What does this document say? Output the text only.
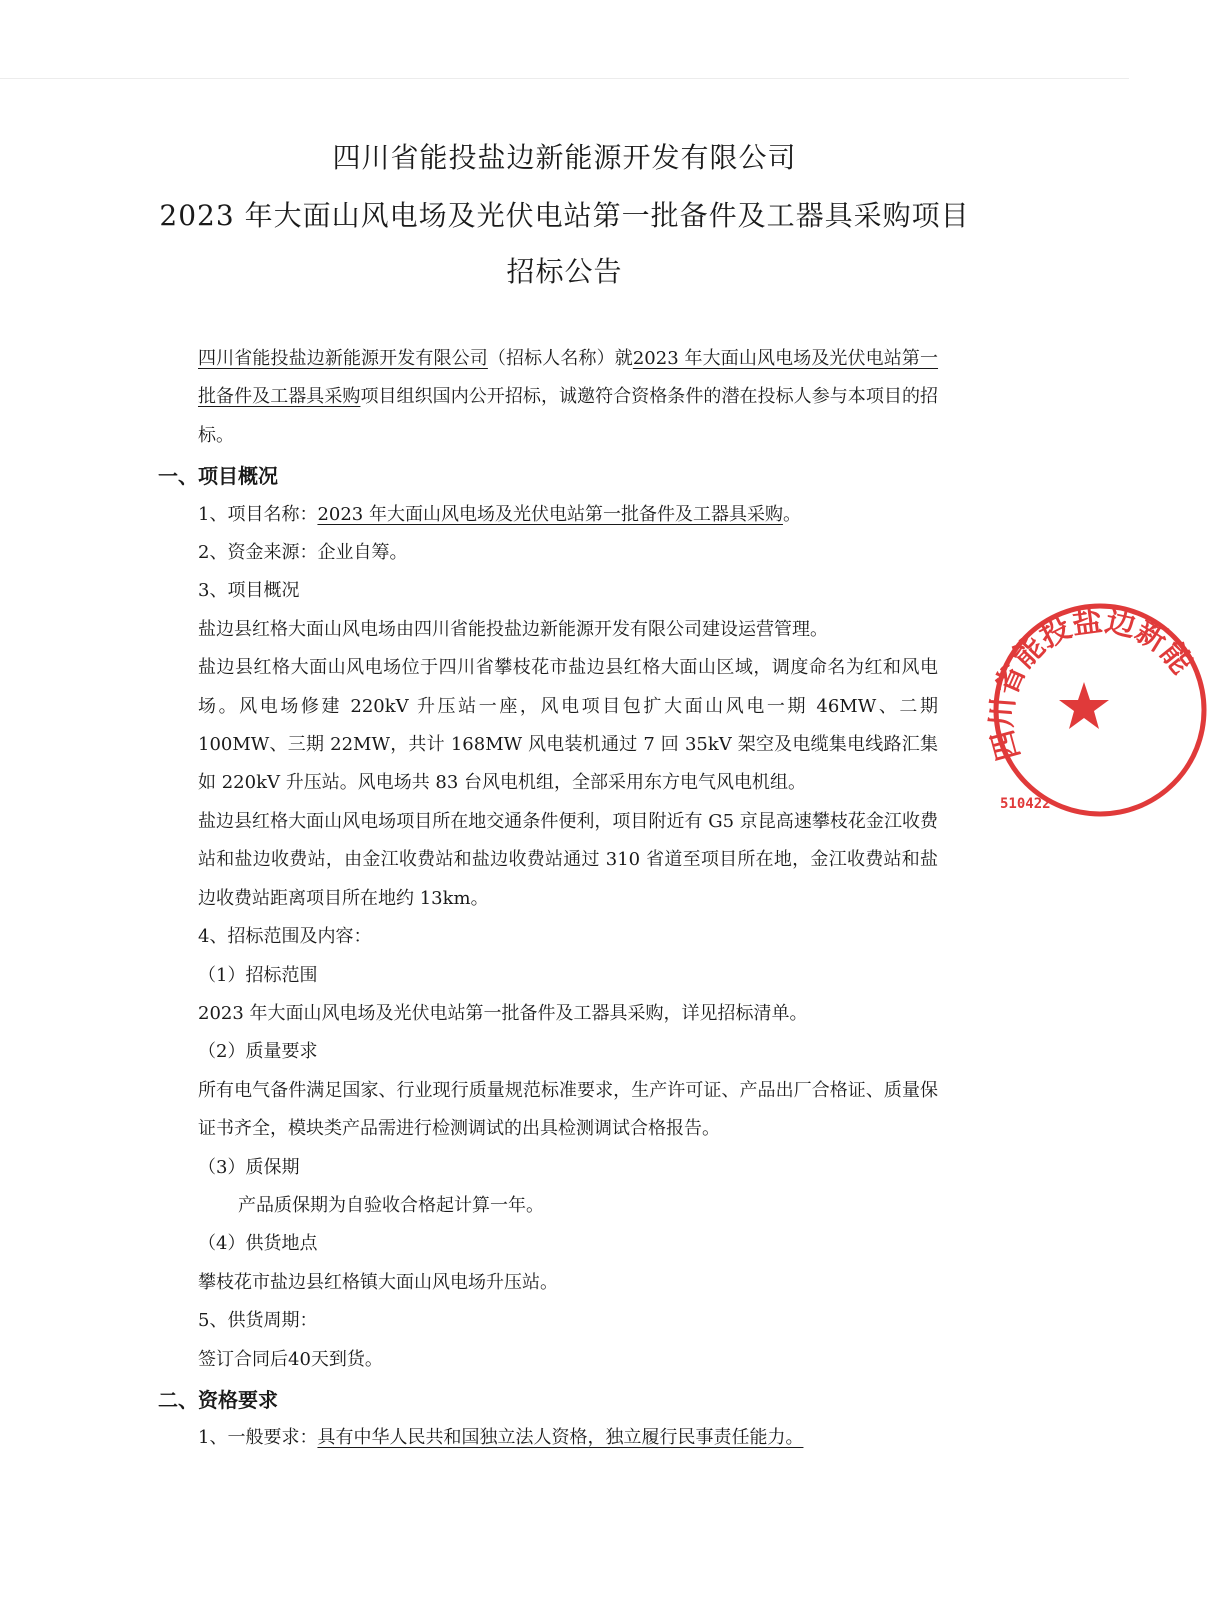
四川省能投盐边新能源开发有限公司
2023 年大面山风电场及光伏电站第一批备件及工器具采购项目
招标公告

四川省能投盐边新能源开发有限公司（招标人名称）就2023 年大面山风电场及光伏电站第一批备件及工器具采购项目组织国内公开招标，诚邀符合资格条件的潜在投标人参与本项目的招标。

一、项目概况

1、项目名称：2023 年大面山风电场及光伏电站第一批备件及工器具采购。

2、资金来源：企业自筹。

3、项目概况

盐边县红格大面山风电场由四川省能投盐边新能源开发有限公司建设运营管理。

盐边县红格大面山风电场位于四川省攀枝花市盐边县红格大面山区域，调度命名为红和风电场。风电场修建 220kV 升压站一座，风电项目包扩大面山风电一期 46MW、二期 100MW、三期 22MW，共计 168MW 风电装机通过 7 回 35kV 架空及电缆集电线路汇集如 220kV 升压站。风电场共 83 台风电机组，全部采用东方电气风电机组。

盐边县红格大面山风电场项目所在地交通条件便利，项目附近有 G5 京昆高速攀枝花金江收费站和盐边收费站，由金江收费站和盐边收费站通过 310 省道至项目所在地，金江收费站和盐边收费站距离项目所在地约 13km。

4、招标范围及内容：

（1）招标范围

2023 年大面山风电场及光伏电站第一批备件及工器具采购，详见招标清单。

（2）质量要求

所有电气备件满足国家、行业现行质量规范标准要求，生产许可证、产品出厂合格证、质量保证书齐全，模块类产品需进行检测调试的出具检测调试合格报告。

（3）质保期

产品质保期为自验收合格起计算一年。

（4）供货地点

攀枝花市盐边县红格镇大面山风电场升压站。

5、供货周期：

签订合同后40天到货。

二、资格要求

1、一般要求：具有中华人民共和国独立法人资格，独立履行民事责任能力。

四川省能投盐边新能
510422
